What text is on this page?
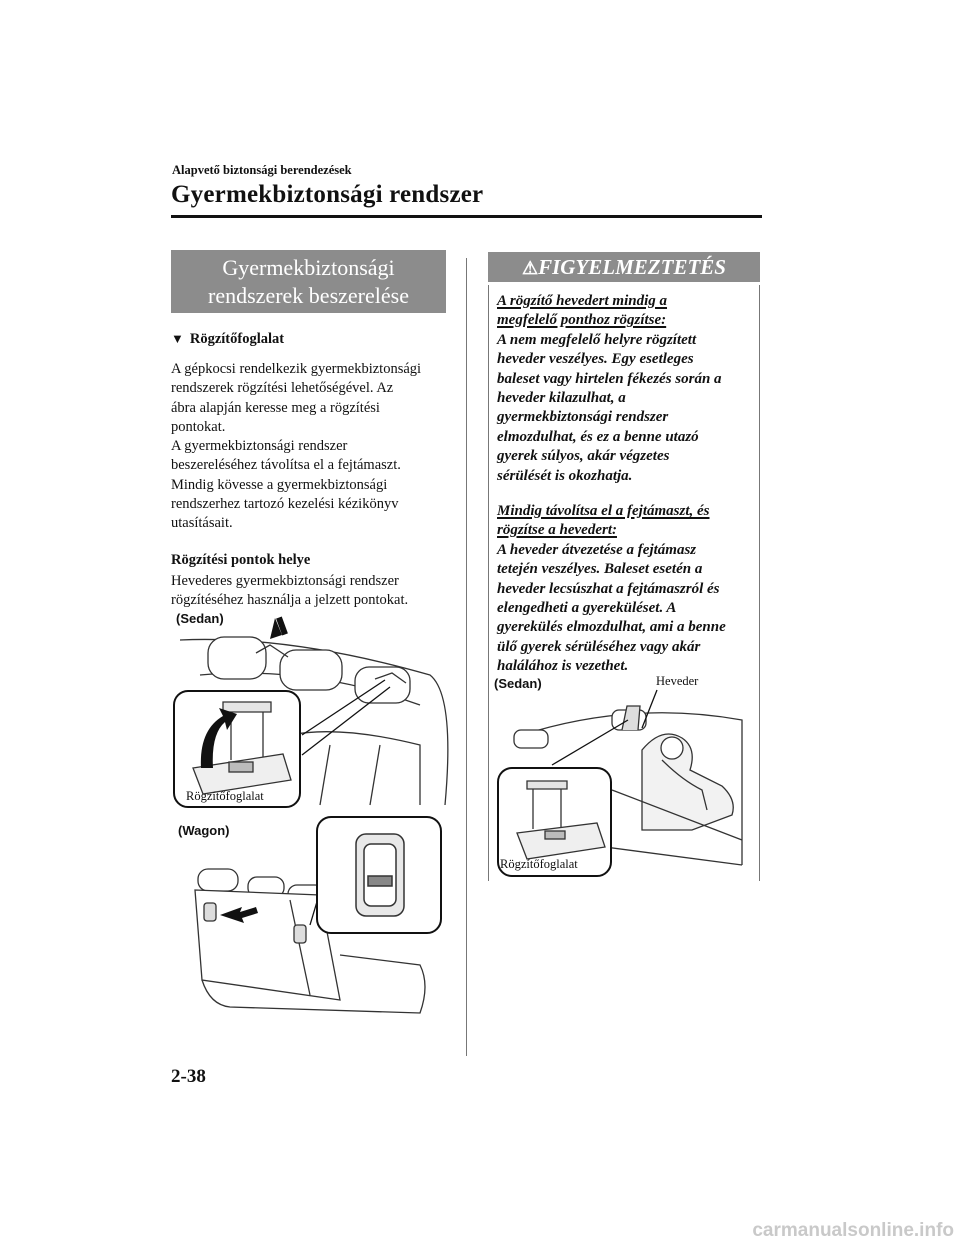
Alapvető biztonsági berendezések
Gyermekbiztonsági rendszer
Gyermekbiztonsági
rendszerek beszerelése
▼ Rögzítőfoglalat

A gépkocsi rendelkezik gyermekbiztonsági

rendszerek rögzítési lehetőségével. Az

ábra alapján keresse meg a rögzítési

pontokat.

A gyermekbiztonsági rendszer

beszereléséhez távolítsa el a fejtámaszt.

Mindig kövesse a gyermekbiztonsági

rendszerhez tartozó kezelési kézikönyv

utasításait.

Rögzítési pontok helye

Hevederes gyermekbiztonsági rendszer

rögzítéséhez használja a jelzett pontokat.

(Sedan)
Rögzítőfoglalat
(Wagon)
⚠FIGYELMEZTETÉS

A rögzítő hevedert mindig a

megfelelő ponthoz rögzítse:

A nem megfelelő helyre rögzített

heveder veszélyes. Egy esetleges

baleset vagy hirtelen fékezés során a

heveder kilazulhat, a

gyermekbiztonsági rendszer

elmozdulhat, és ez a benne utazó

gyerek súlyos, akár végzetes

sérülését is okozhatja.

Mindig távolítsa el a fejtámaszt, és

rögzítse a hevedert:

A heveder átvezetése a fejtámasz

tetején veszélyes. Baleset esetén a

heveder lecsúszhat a fejtámaszról és

elengedheti a gyereküléset. A

gyerekülés elmozdulhat, ami a benne

ülő gyerek sérüléséhez vagy akár

halálához is vezethet.

(Sedan)	Heveder
Rögzítőfoglalat
2-38
carmanualsonline.info
